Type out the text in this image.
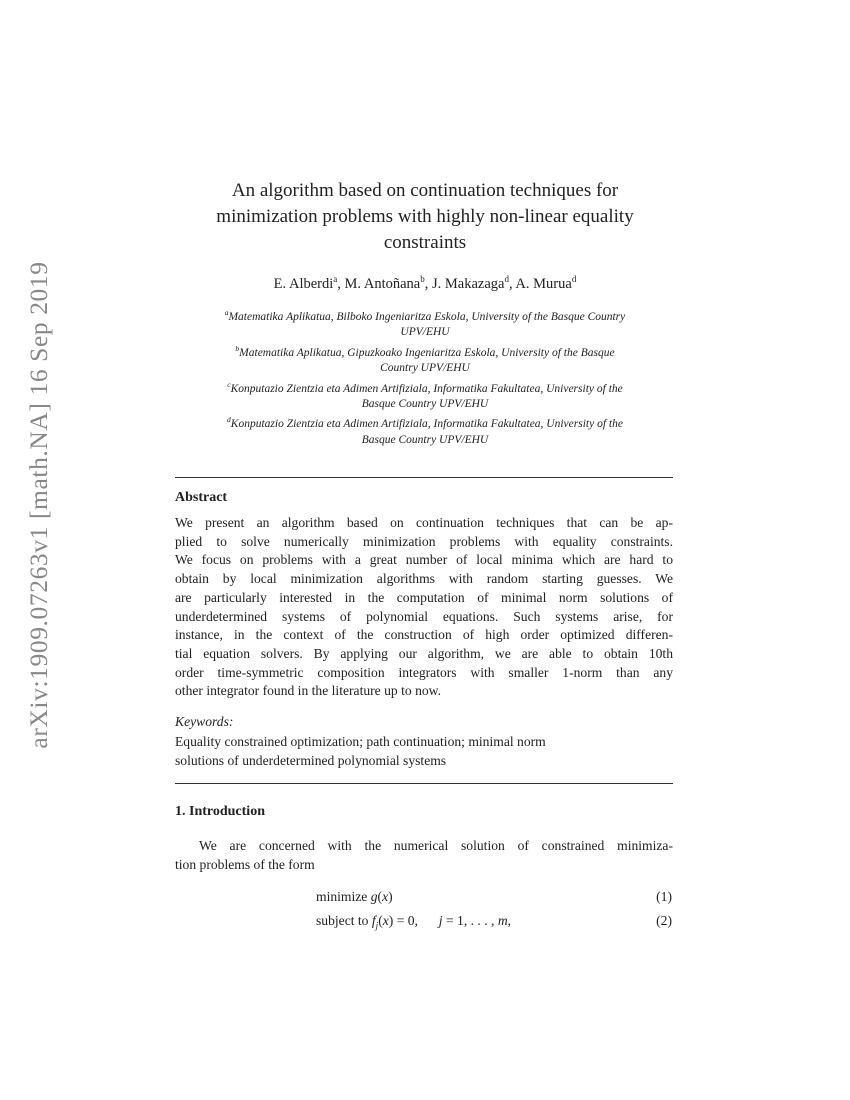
arXiv:1909.07263v1 [math.NA] 16 Sep 2019
An algorithm based on continuation techniques for
minimization problems with highly non-linear equality
constraints
E. Alberdi$^a$, M. Antoñana$^b$, J. Makazaga$^d$, A. Murua$^d$
$^a$Matematika Aplikatua, Bilboko Ingeniaritza Eskola, University of the Basque Country
UPV/EHU
$^b$Matematika Aplikatua, Gipuzkoako Ingeniaritza Eskola, University of the Basque
Country UPV/EHU
$^c$Konputazio Zientzia eta Adimen Artifiziala, Informatika Fakultatea, University of the
Basque Country UPV/EHU
$^d$Konputazio Zientzia eta Adimen Artifiziala, Informatika Fakultatea, University of the
Basque Country UPV/EHU
Abstract
We present an algorithm based on continuation techniques that can be ap-
plied to solve numerically minimization problems with equality constraints.
We focus on problems with a great number of local minima which are hard to
obtain by local minimization algorithms with random starting guesses. We
are particularly interested in the computation of minimal norm solutions of
underdetermined systems of polynomial equations. Such systems arise, for
instance, in the context of the construction of high order optimized differen-
tial equation solvers. By applying our algorithm, we are able to obtain 10th
order time-symmetric composition integrators with smaller 1-norm than any
other integrator found in the literature up to now.
Keywords:
Equality constrained optimization; path continuation; minimal norm
solutions of underdetermined polynomial systems
1. Introduction
We are concerned with the numerical solution of constrained minimiza-
tion problems of the form
minimize g(x)	(1)
subject to $f_j(x) = 0$, j = 1, . . . , m,	(2)
